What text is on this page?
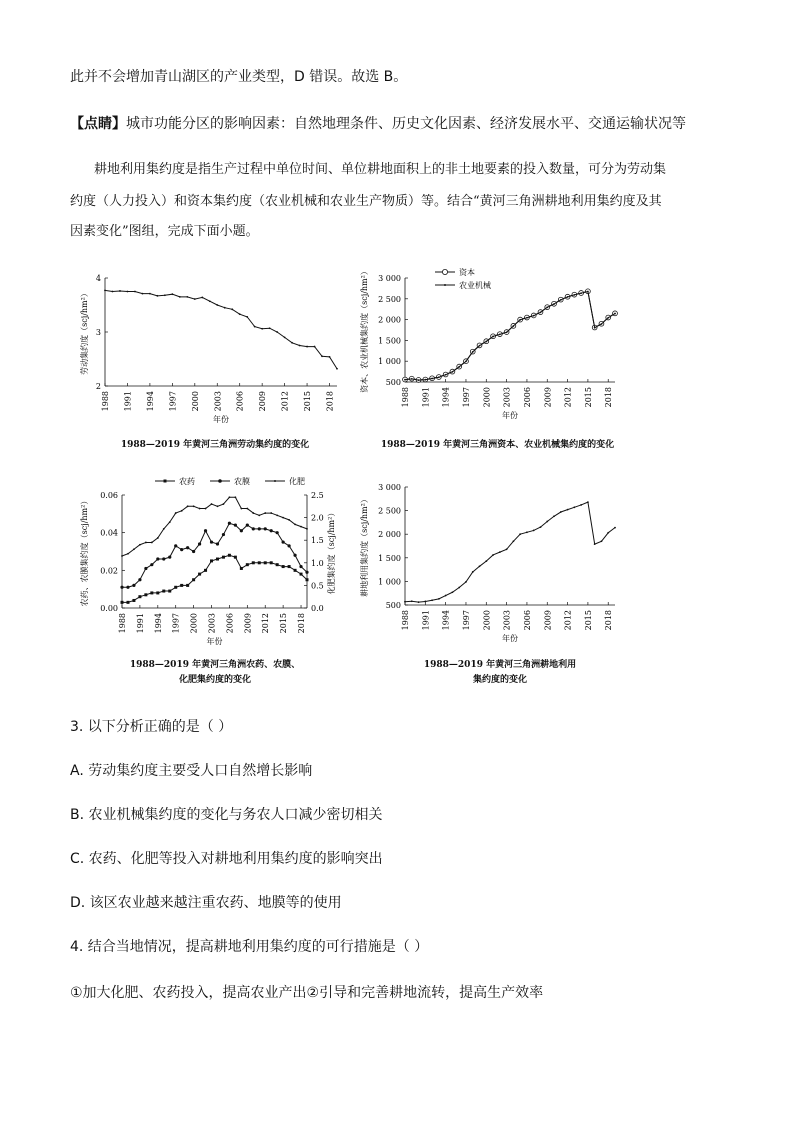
此并不会增加青山湖区的产业类型，D 错误。故选 B。
【点睛】城市功能分区的影响因素：自然地理条件、历史文化因素、经济发展水平、交通运输状况等
耕地利用集约度是指生产过程中单位时间、单位耕地面积上的非土地要素的投入数量，可分为劳动集
约度（人力投入）和资本集约度（农业机械和农业生产物质）等。结合“黄河三角洲耕地利用集约度及其
因素变化”图组，完成下面小题。
2
3
4
1988 1991 1994 1997 2000 2003 2006 2009 2012 2015 2018
年份
劳动集约度（scj/hm²）
1988—2019 年黄河三角洲劳动集约度的变化
500
1 000
1 500
2 000
2 500
3 000
1988 1991 1994 1997 2000 2003 2006 2009 2012 2015 2018
年份
资本、农业机械集约度（scj/hm²）	资本
农业机械
1988—2019 年黄河三角洲资本、农业机械集约度的变化
0.00
0.02
0.04
0.06
0.0
0.5
1.0
1.5
2.0
2.5
1988 1991 1994 1997 2000 2003 2006 2009 2012 2015 2018
年份
农药、农膜集约度（scj/hm²）	化肥集约度（scj/hm²）
农药	农膜	化肥
1988—2019 年黄河三角洲农药、农膜、
化肥集约度的变化
500
1 000
1 500
2 000
2 500
3 000
1988 1991 1994 1997 2000 2003 2006 2009 2012 2015 2018
年份
耕地利用集约度（scj/hm²）
1988—2019 年黄河三角洲耕地利用
集约度的变化
3. 以下分析正确的是（ ）
A. 劳动集约度主要受人口自然增长影响
B. 农业机械集约度的变化与务农人口减少密切相关
C. 农药、化肥等投入对耕地利用集约度的影响突出
D. 该区农业越来越注重农药、地膜等的使用
4. 结合当地情况，提高耕地利用集约度的可行措施是（ ）
①加大化肥、农药投入，提高农业产出②引导和完善耕地流转，提高生产效率
